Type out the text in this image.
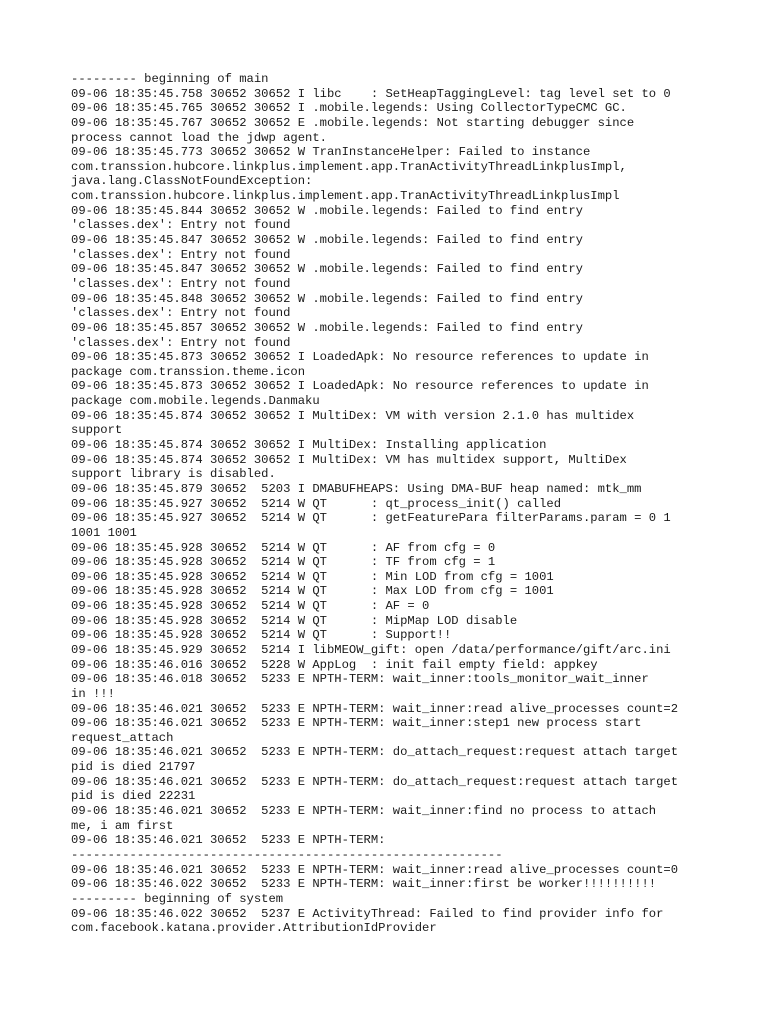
--------- beginning of main
09-06 18:35:45.758 30652 30652 I libc    : SetHeapTaggingLevel: tag level set to 0
09-06 18:35:45.765 30652 30652 I .mobile.legends: Using CollectorTypeCMC GC.
09-06 18:35:45.767 30652 30652 E .mobile.legends: Not starting debugger since
process cannot load the jdwp agent.
09-06 18:35:45.773 30652 30652 W TranInstanceHelper: Failed to instance
com.transsion.hubcore.linkplus.implement.app.TranActivityThreadLinkplusImpl,
java.lang.ClassNotFoundException:
com.transsion.hubcore.linkplus.implement.app.TranActivityThreadLinkplusImpl
09-06 18:35:45.844 30652 30652 W .mobile.legends: Failed to find entry
'classes.dex': Entry not found
09-06 18:35:45.847 30652 30652 W .mobile.legends: Failed to find entry
'classes.dex': Entry not found
09-06 18:35:45.847 30652 30652 W .mobile.legends: Failed to find entry
'classes.dex': Entry not found
09-06 18:35:45.848 30652 30652 W .mobile.legends: Failed to find entry
'classes.dex': Entry not found
09-06 18:35:45.857 30652 30652 W .mobile.legends: Failed to find entry
'classes.dex': Entry not found
09-06 18:35:45.873 30652 30652 I LoadedApk: No resource references to update in
package com.transsion.theme.icon
09-06 18:35:45.873 30652 30652 I LoadedApk: No resource references to update in
package com.mobile.legends.Danmaku
09-06 18:35:45.874 30652 30652 I MultiDex: VM with version 2.1.0 has multidex
support
09-06 18:35:45.874 30652 30652 I MultiDex: Installing application
09-06 18:35:45.874 30652 30652 I MultiDex: VM has multidex support, MultiDex
support library is disabled.
09-06 18:35:45.879 30652  5203 I DMABUFHEAPS: Using DMA-BUF heap named: mtk_mm
09-06 18:35:45.927 30652  5214 W QT      : qt_process_init() called
09-06 18:35:45.927 30652  5214 W QT      : getFeaturePara filterParams.param = 0 1
1001 1001
09-06 18:35:45.928 30652  5214 W QT      : AF from cfg = 0
09-06 18:35:45.928 30652  5214 W QT      : TF from cfg = 1
09-06 18:35:45.928 30652  5214 W QT      : Min LOD from cfg = 1001
09-06 18:35:45.928 30652  5214 W QT      : Max LOD from cfg = 1001
09-06 18:35:45.928 30652  5214 W QT      : AF = 0
09-06 18:35:45.928 30652  5214 W QT      : MipMap LOD disable
09-06 18:35:45.928 30652  5214 W QT      : Support!!
09-06 18:35:45.929 30652  5214 I libMEOW_gift: open /data/performance/gift/arc.ini
09-06 18:35:46.016 30652  5228 W AppLog  : init fail empty field: appkey
09-06 18:35:46.018 30652  5233 E NPTH-TERM: wait_inner:tools_monitor_wait_inner
in !!!
09-06 18:35:46.021 30652  5233 E NPTH-TERM: wait_inner:read alive_processes count=2
09-06 18:35:46.021 30652  5233 E NPTH-TERM: wait_inner:step1 new process start
request_attach
09-06 18:35:46.021 30652  5233 E NPTH-TERM: do_attach_request:request attach target
pid is died 21797
09-06 18:35:46.021 30652  5233 E NPTH-TERM: do_attach_request:request attach target
pid is died 22231
09-06 18:35:46.021 30652  5233 E NPTH-TERM: wait_inner:find no process to attach
me, i am first
09-06 18:35:46.021 30652  5233 E NPTH-TERM:
-----------------------------------------------------------
09-06 18:35:46.021 30652  5233 E NPTH-TERM: wait_inner:read alive_processes count=0
09-06 18:35:46.022 30652  5233 E NPTH-TERM: wait_inner:first be worker!!!!!!!!!!
--------- beginning of system
09-06 18:35:46.022 30652  5237 E ActivityThread: Failed to find provider info for
com.facebook.katana.provider.AttributionIdProvider
